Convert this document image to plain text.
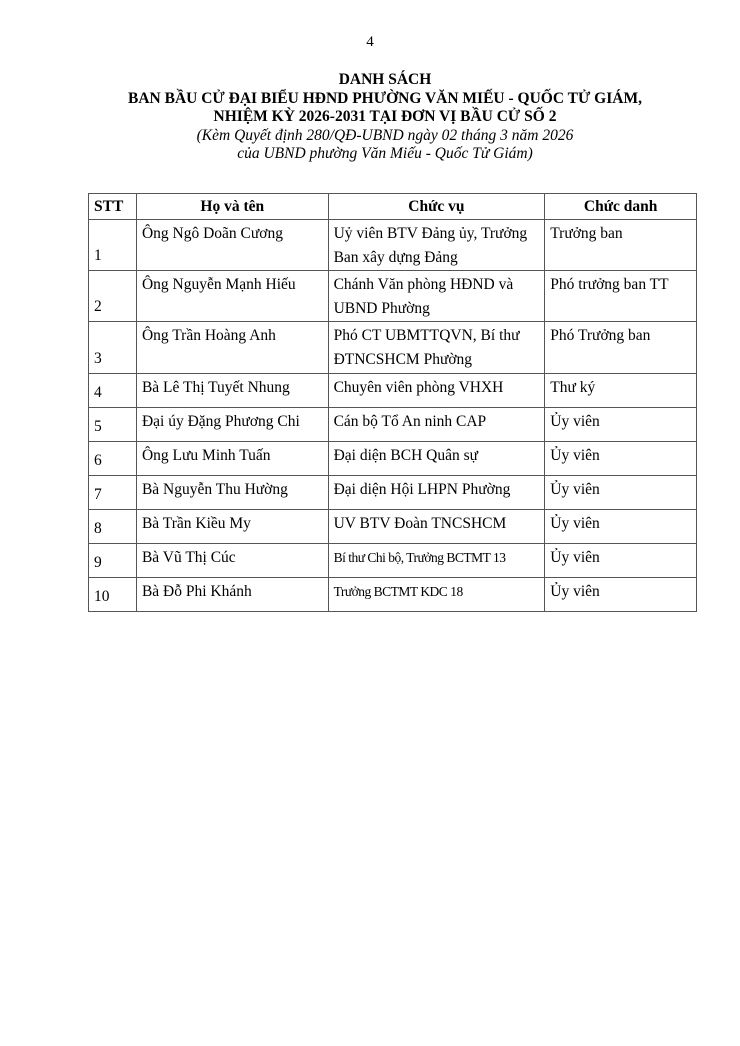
4
DANH SÁCH
BAN BẦU CỬ ĐẠI BIỂU HĐND PHƯỜNG VĂN MIẾU - QUỐC TỬ GIÁM,
NHIỆM KỲ 2026-2031 TẠI ĐƠN VỊ BẦU CỬ SỐ 2
(Kèm Quyết định 280/QĐ-UBND ngày 02 tháng 3 năm 2026
của UBND phường Văn Miếu - Quốc Tử Giám)
STT	Họ và tên	Chức vụ	Chức danh
1	Ông Ngô Doãn Cương	Uỷ viên BTV Đảng ủy, Trưởng Ban xây dựng Đảng	Trưởng ban
2	Ông Nguyễn Mạnh Hiếu	Chánh Văn phòng HĐND và UBND Phường	Phó trưởng ban TT
3	Ông Trần Hoàng Anh	Phó CT UBMTTQVN, Bí thư ĐTNCSHCM Phường	Phó Trưởng ban
4	Bà Lê Thị Tuyết Nhung	Chuyên viên phòng VHXH	Thư ký
5	Đại úy Đặng Phương Chi	Cán bộ Tổ An ninh CAP	Ủy viên
6	Ông Lưu Minh Tuấn	Đại diện BCH Quân sự	Ủy viên
7	Bà Nguyễn Thu Hường	Đại diện Hội LHPN Phường	Ủy viên
8	Bà Trần Kiều My	UV BTV Đoàn TNCSHCM	Ủy viên
9	Bà Vũ Thị Cúc	Bí thư Chi bộ, Trưởng BCTMT 13	Ủy viên
10	Bà Đỗ Phi Khánh	Trưởng BCTMT KDC 18	Ủy viên
